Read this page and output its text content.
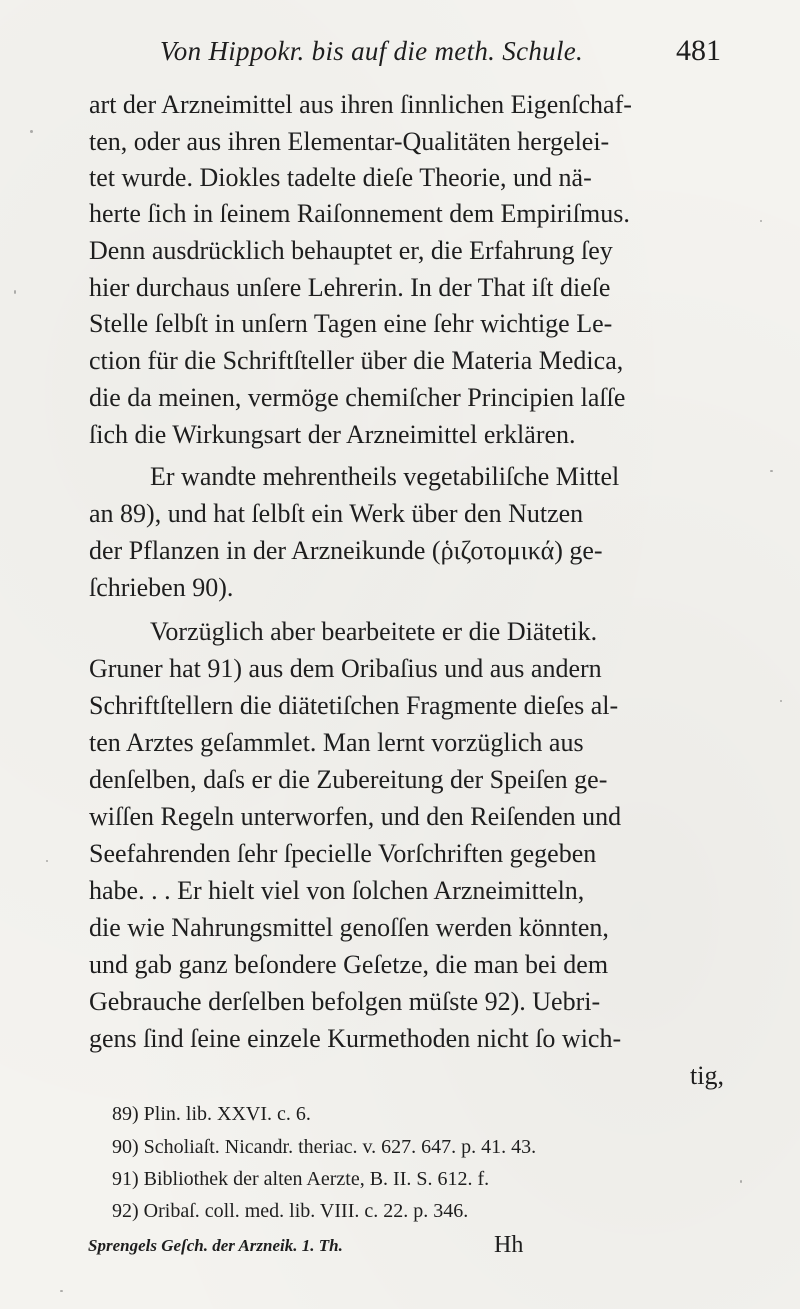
Von Hippokr. bis auf die meth. Schule.	481
art der Arzneimittel aus ihren ſinnlichen Eigenſchaf-
ten, oder aus ihren Elementar-Qualitäten hergelei-
tet wurde. Diokles tadelte dieſe Theorie, und nä-
herte ſich in ſeinem Raiſonnement dem Empiriſmus.
Denn ausdrücklich behauptet er, die Erfahrung ſey
hier durchaus unſere Lehrerin. In der That iſt dieſe
Stelle ſelbſt in unſern Tagen eine ſehr wichtige Le-
ction für die Schriftſteller über die Materia Medica,
die da meinen, vermöge chemiſcher Principien laſſe
ſich die Wirkungsart der Arzneimittel erklären.
Er wandte mehrentheils vegetabiliſche Mittel
an 89), und hat ſelbſt ein Werk über den Nutzen
der Pflanzen in der Arzneikunde (ῥιζοτομικά) ge-
ſchrieben 90).
Vorzüglich aber bearbeitete er die Diätetik.
Gruner hat 91) aus dem Oribaſius und aus andern
Schriftſtellern die diätetiſchen Fragmente dieſes al-
ten Arztes geſammlet. Man lernt vorzüglich aus
denſelben, daſs er die Zubereitung der Speiſen ge-
wiſſen Regeln unterworfen, und den Reiſenden und
Seefahrenden ſehr ſpecielle Vorſchriften gegeben
habe. . . Er hielt viel von ſolchen Arzneimitteln,
die wie Nahrungsmittel genoſſen werden könnten,
und gab ganz beſondere Geſetze, die man bei dem
Gebrauche derſelben befolgen müſste 92). Uebri-
gens ſind ſeine einzele Kurmethoden nicht ſo wich-
tig,
89) Plin. lib. XXVI. c. 6.
90) Scholiaſt. Nicandr. theriac. v. 627. 647. p. 41. 43.
91) Bibliothek der alten Aerzte, B. II. S. 612. f.
92) Oribaſ. coll. med. lib. VIII. c. 22. p. 346.
Sprengels Geſch. der Arzneik. 1. Th.	Hh
